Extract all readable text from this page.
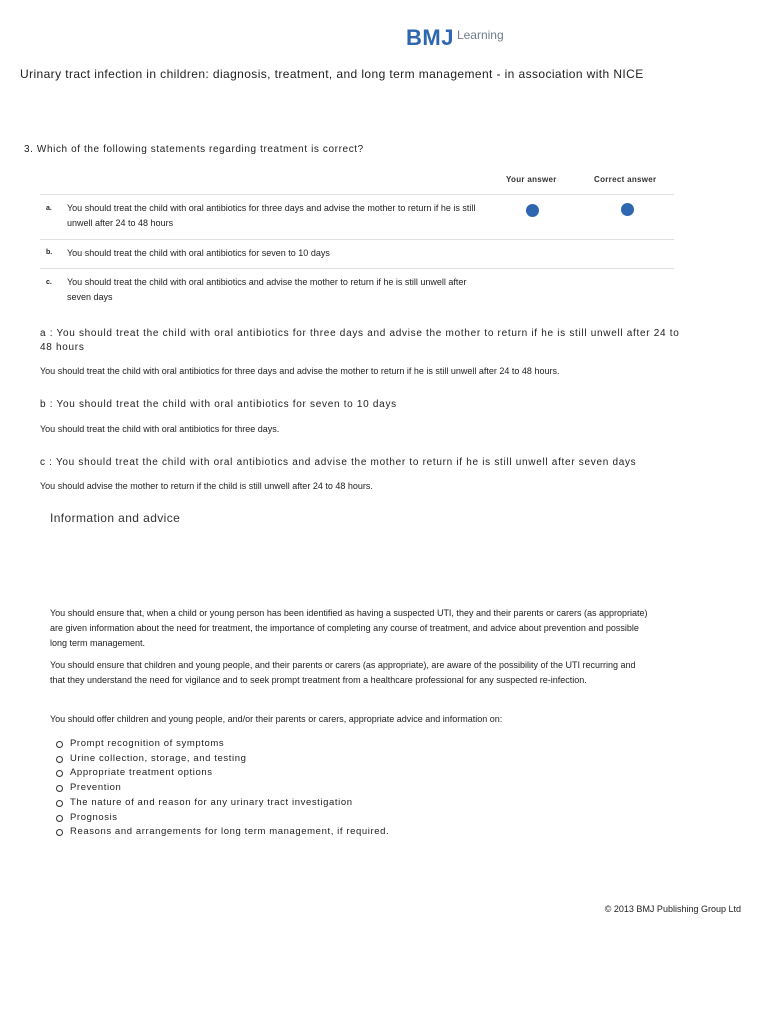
BMJ Learning
Urinary tract infection in children: diagnosis, treatment, and long term management - in association with NICE
3. Which of the following statements regarding treatment is correct?
Your answer	Correct answer
a. You should treat the child with oral antibiotics for three days and advise the mother to return if he is still unwell after 24 to 48 hours
b. You should treat the child with oral antibiotics for seven to 10 days
c. You should treat the child with oral antibiotics and advise the mother to return if he is still unwell after seven days
a : You should treat the child with oral antibiotics for three days and advise the mother to return if he is still unwell after 24 to 48 hours
You should treat the child with oral antibiotics for three days and advise the mother to return if he is still unwell after 24 to 48 hours.
b : You should treat the child with oral antibiotics for seven to 10 days
You should treat the child with oral antibiotics for three days.
c : You should treat the child with oral antibiotics and advise the mother to return if he is still unwell after seven days
You should advise the mother to return if the child is still unwell after 24 to 48 hours.
Information and advice
You should ensure that, when a child or young person has been identified as having a suspected UTI, they and their parents or carers (as appropriate) are given information about the need for treatment, the importance of completing any course of treatment, and advice about prevention and possible long term management.
You should ensure that children and young people, and their parents or carers (as appropriate), are aware of the possibility of the UTI recurring and that they understand the need for vigilance and to seek prompt treatment from a healthcare professional for any suspected re-infection.
You should offer children and young people, and/or their parents or carers, appropriate advice and information on:
Prompt recognition of symptoms
Urine collection, storage, and testing
Appropriate treatment options
Prevention
The nature of and reason for any urinary tract investigation
Prognosis
Reasons and arrangements for long term management, if required.
© 2013 BMJ Publishing Group Ltd
